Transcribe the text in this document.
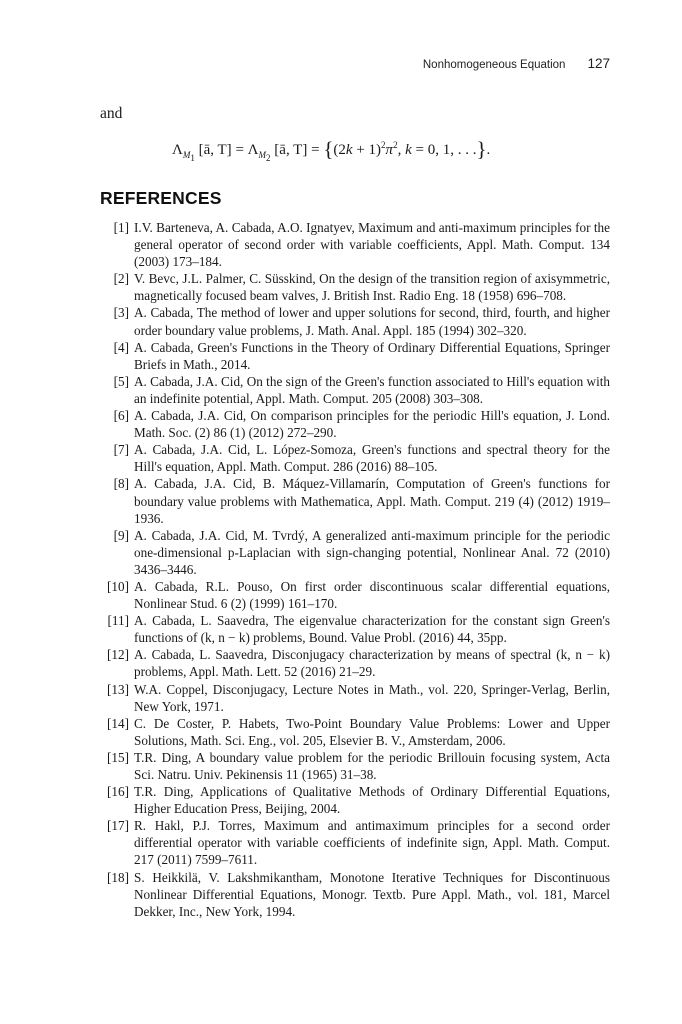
Nonhomogeneous Equation 127
and
$\Lambda_{M_1}$ [ā, $T] = \Lambda_{M_2}$ [ā, $T] = \{(2k + 1)^2\pi^2$, k = 0, 1, . . .}.
REFERENCES
[1] I.V. Barteneva, A. Cabada, A.O. Ignatyev, Maximum and anti-maximum principles for the general operator of second order with variable coefficients, Appl. Math. Comput. 134 (2003) 173–184.
[2] V. Bevc, J.L. Palmer, C. Süsskind, On the design of the transition region of axisymmetric, magnetically focused beam valves, J. British Inst. Radio Eng. 18 (1958) 696–708.
[3] A. Cabada, The method of lower and upper solutions for second, third, fourth, and higher order boundary value problems, J. Math. Anal. Appl. 185 (1994) 302–320.
[4] A. Cabada, Green's Functions in the Theory of Ordinary Differential Equations, Springer Briefs in Math., 2014.
[5] A. Cabada, J.A. Cid, On the sign of the Green's function associated to Hill's equation with an indefinite potential, Appl. Math. Comput. 205 (2008) 303–308.
[6] A. Cabada, J.A. Cid, On comparison principles for the periodic Hill's equation, J. Lond. Math. Soc. (2) 86 (1) (2012) 272–290.
[7] A. Cabada, J.A. Cid, L. López-Somoza, Green's functions and spectral theory for the Hill's equation, Appl. Math. Comput. 286 (2016) 88–105.
[8] A. Cabada, J.A. Cid, B. Máquez-Villamarín, Computation of Green's functions for boundary value problems with Mathematica, Appl. Math. Comput. 219 (4) (2012) 1919–1936.
[9] A. Cabada, J.A. Cid, M. Tvrdý, A generalized anti-maximum principle for the periodic one-dimensional p-Laplacian with sign-changing potential, Nonlinear Anal. 72 (2010) 3436–3446.
[10] A. Cabada, R.L. Pouso, On first order discontinuous scalar differential equations, Nonlinear Stud. 6 (2) (1999) 161–170.
[11] A. Cabada, L. Saavedra, The eigenvalue characterization for the constant sign Green's functions of (k, n − k) problems, Bound. Value Probl. (2016) 44, 35pp.
[12] A. Cabada, L. Saavedra, Disconjugacy characterization by means of spectral (k, n − k) problems, Appl. Math. Lett. 52 (2016) 21–29.
[13] W.A. Coppel, Disconjugacy, Lecture Notes in Math., vol. 220, Springer-Verlag, Berlin, New York, 1971.
[14] C. De Coster, P. Habets, Two-Point Boundary Value Problems: Lower and Upper Solutions, Math. Sci. Eng., vol. 205, Elsevier B. V., Amsterdam, 2006.
[15] T.R. Ding, A boundary value problem for the periodic Brillouin focusing system, Acta Sci. Natru. Univ. Pekinensis 11 (1965) 31–38.
[16] T.R. Ding, Applications of Qualitative Methods of Ordinary Differential Equations, Higher Education Press, Beijing, 2004.
[17] R. Hakl, P.J. Torres, Maximum and antimaximum principles for a second order differential operator with variable coefficients of indefinite sign, Appl. Math. Comput. 217 (2011) 7599–7611.
[18] S. Heikkilä, V. Lakshmikantham, Monotone Iterative Techniques for Discontinuous Nonlinear Differential Equations, Monogr. Textb. Pure Appl. Math., vol. 181, Marcel Dekker, Inc., New York, 1994.
